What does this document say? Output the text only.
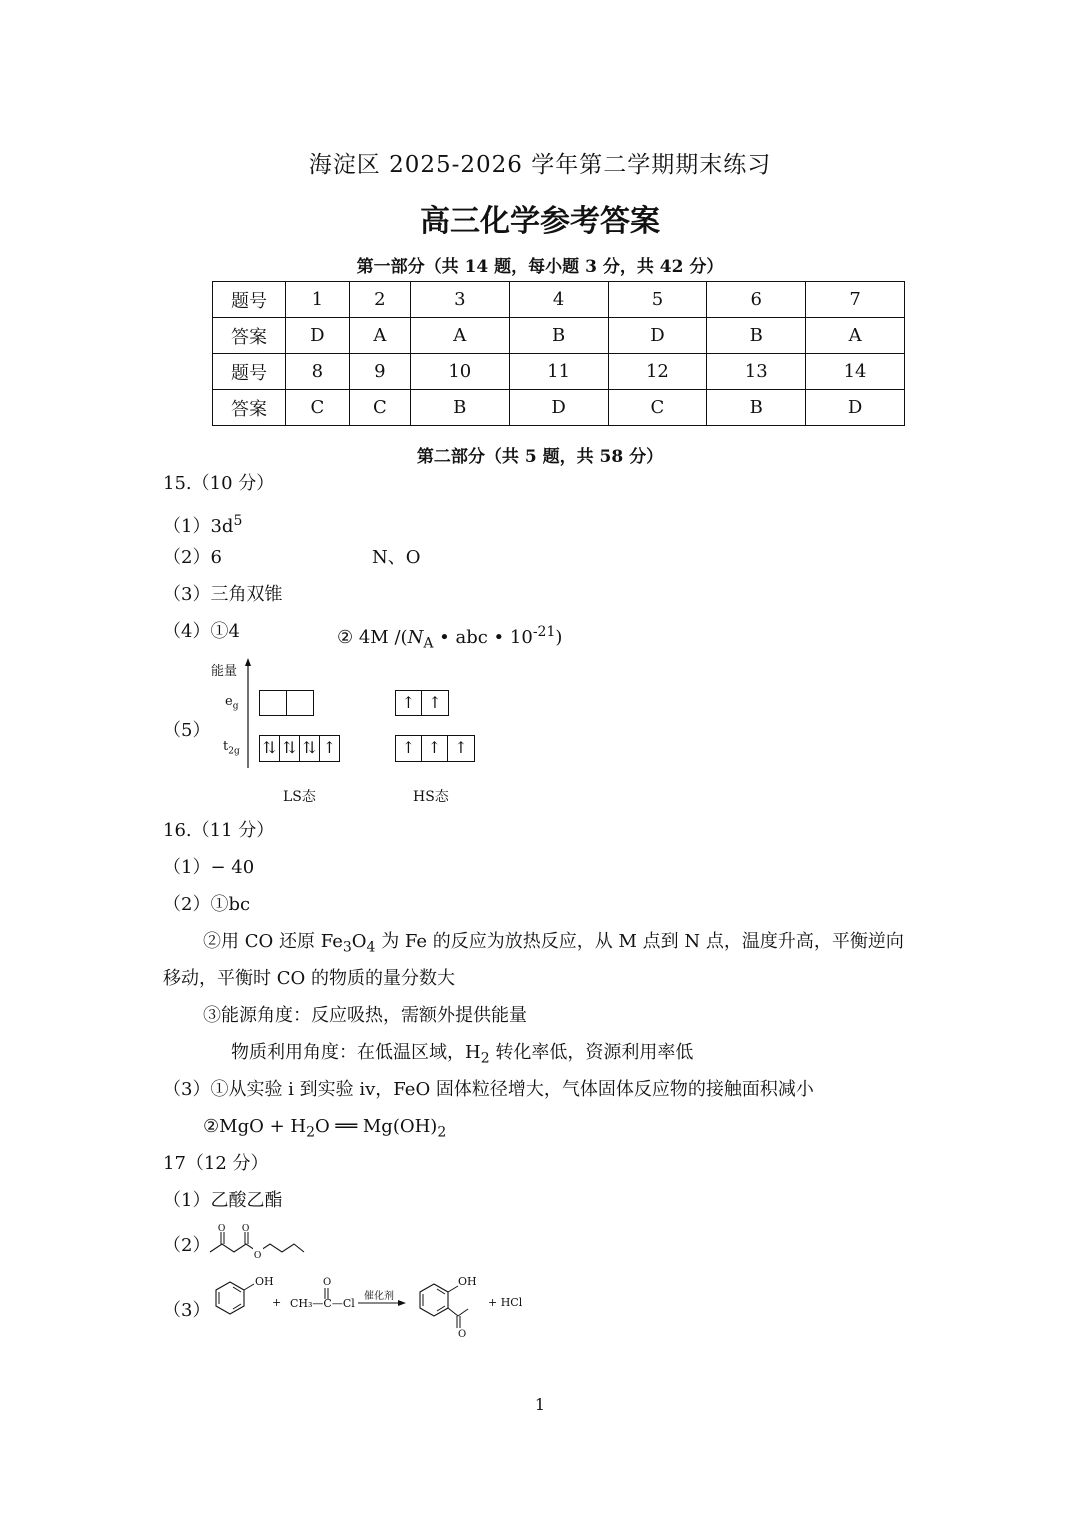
海淀区 2025-2026 学年第二学期期末练习
高三化学参考答案
第一部分（共 14 题，每小题 3 分，共 42 分）
题号	1	2	3	4	5	6	7
答案	D	A	A	B	D	B	A
题号	8	9	10	11	12	13	14
答案	C	C	B	D	C	B	D
第二部分（共 5 题，共 58 分）
15.（10 分）
$(1)3d^5$
（2）6	N、O
（3）三角双锥
（4）①4	② 4M $/(N_A$ • abc • $10^{-21}$)
（5）
能量
$e_g$
$t_{2g}$ ⇅ ⇅ ⇅ ↑
↑ ↑
↑ ↑ ↑
LS态	HS态
16.（11 分）
（1）− 40
（2）①bc
②用 CO 还原 $Fe_3O_4$ 为 Fe 的反应为放热反应，从 M 点到 N 点，温度升高，平衡逆向
移动，平衡时 CO 的物质的量分数大
③能源角度：反应吸热，需额外提供能量
物质利用角度：在低温区域，$H_2$ 转化率低，资源利用率低
（3）①从实验 i 到实验 iv，FeO 固体粒径增大，气体固体反应物的接触面积减小
②MgO + $H_2O$ ══ $Mg(OH)_2$
17（12 分）
（1）乙酸乙酯
（2）
O O
O
（3）
OH
+
O
CH₃—C—Cl
催化剂
OH
O
+ HCl
1
